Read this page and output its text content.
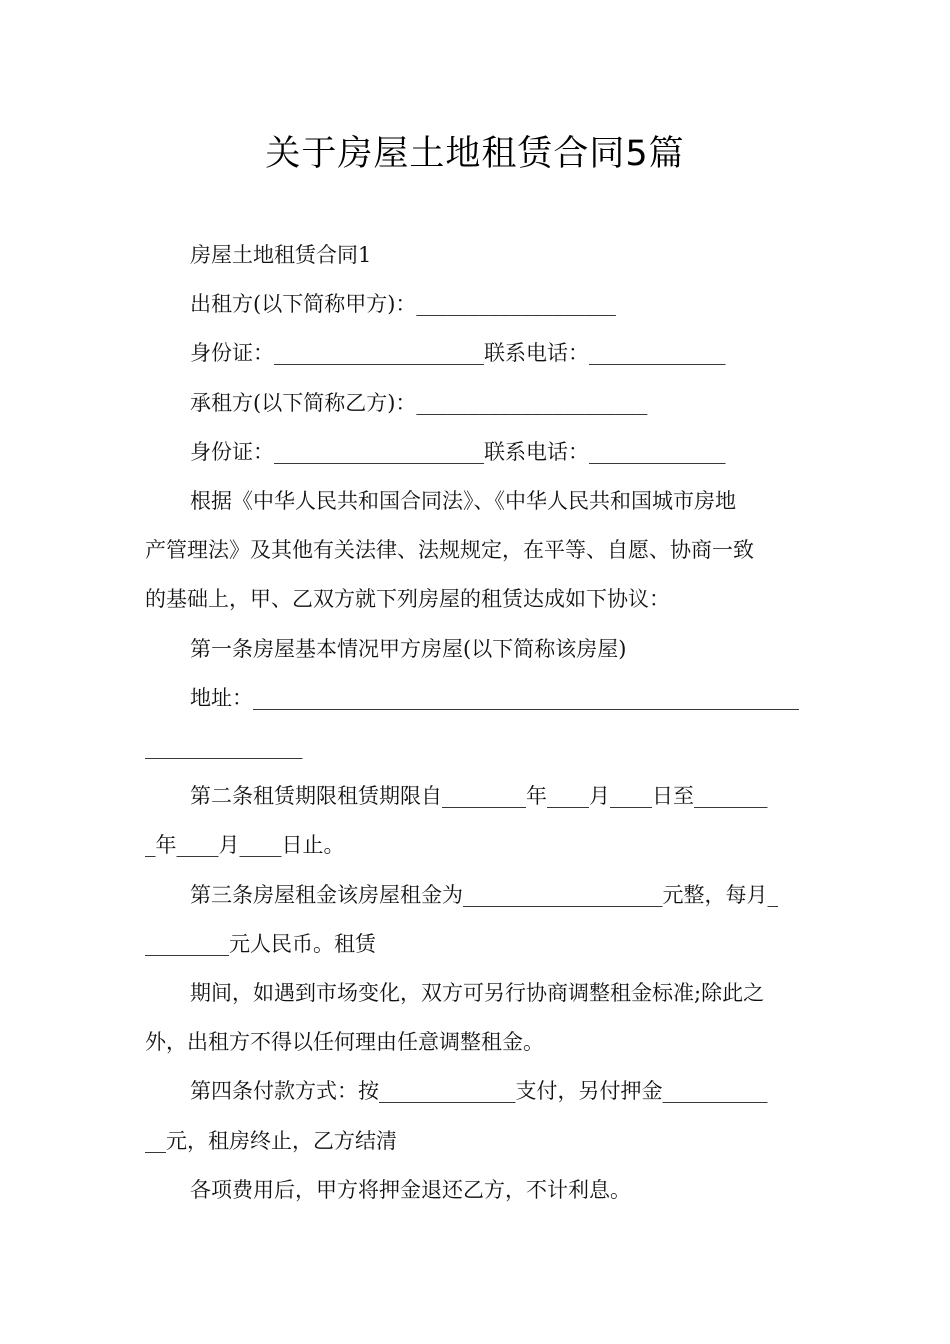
关于房屋土地租赁合同5篇

房屋土地租赁合同1

出租方(以下简称甲方)：___________________

身份证：____________________联系电话：_____________

承租方(以下简称乙方)：______________________

身份证：____________________联系电话：_____________

根据《中华人民共和国合同法》、《中华人民共和国城市房地

产管理法》及其他有关法律、法规规定，在平等、自愿、协商一致

的基础上，甲、乙双方就下列房屋的租赁达成如下协议：

第一条房屋基本情况甲方房屋(以下简称该房屋)

地址：____________________________________________________

_______________

第二条租赁期限租赁期限自________年____月____日至_______

_年____月____日止。

第三条房屋租金该房屋租金为___________________元整，每月_

________元人民币。租赁

期间，如遇到市场变化，双方可另行协商调整租金标准;除此之

外，出租方不得以任何理由任意调整租金。

第四条付款方式：按_____________支付，另付押金__________

__元，租房终止，乙方结清

各项费用后，甲方将押金退还乙方，不计利息。
